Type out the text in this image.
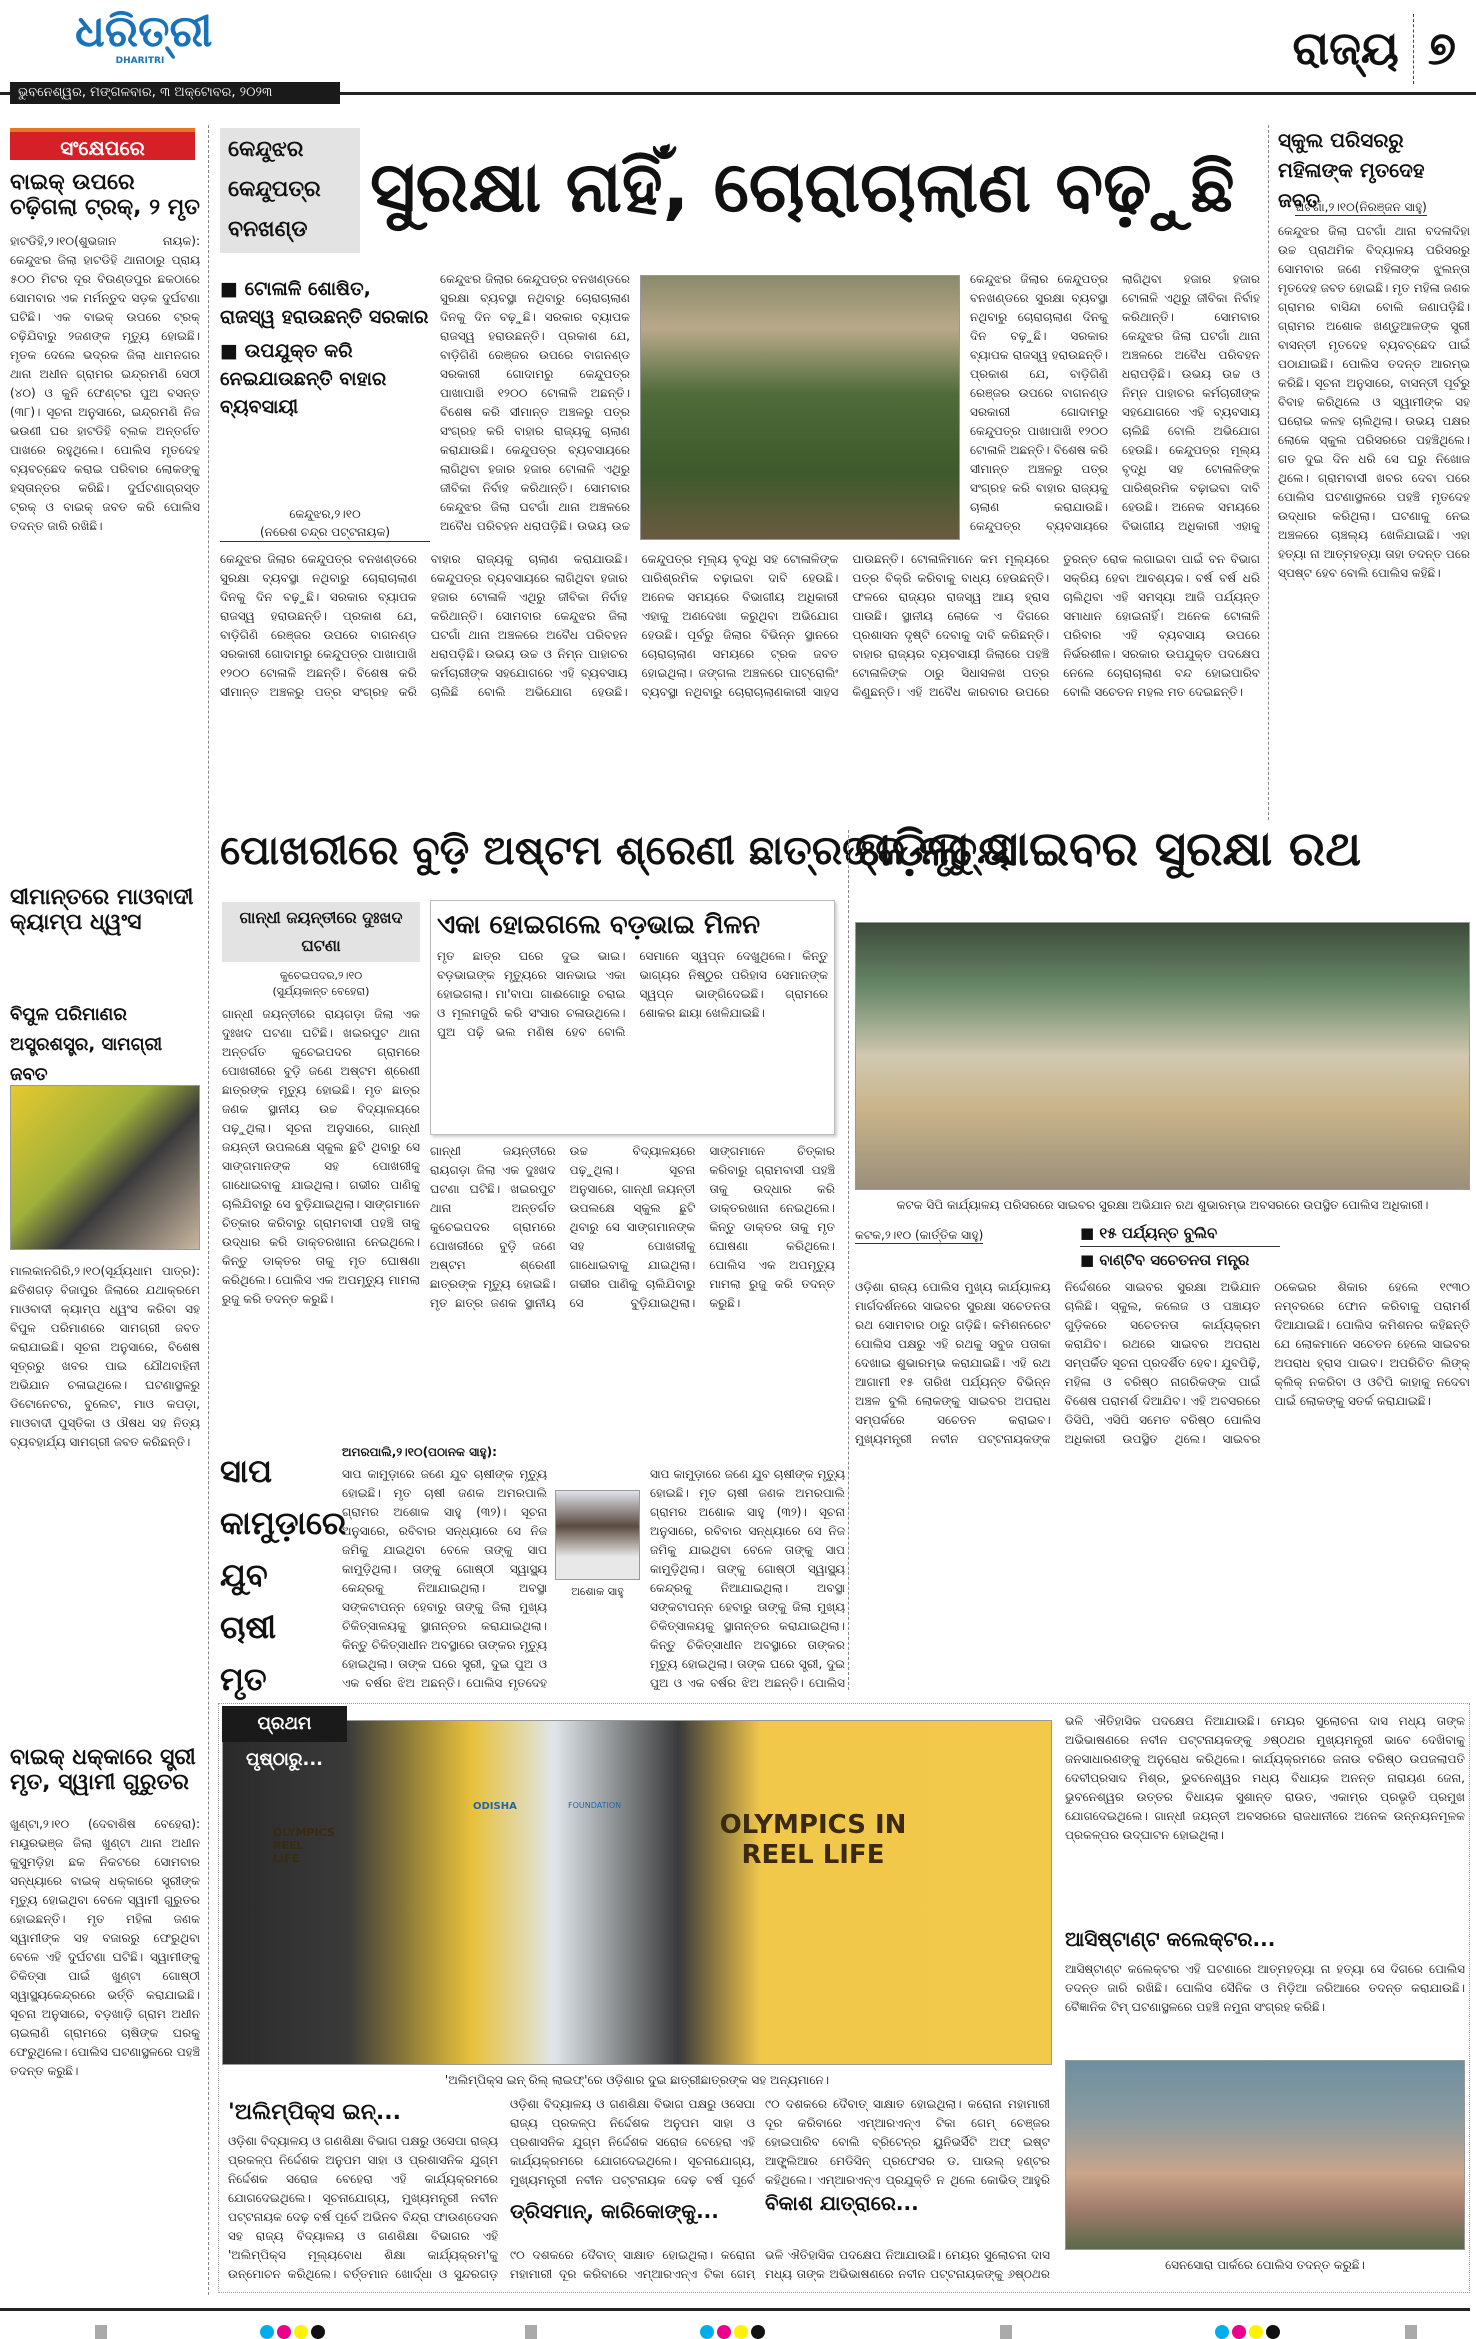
ଧରିତ୍ରୀ
DHARITRI
ଭୁବନେଶ୍ୱର, ମଙ୍ଗଳବାର, ୩ ଅକ୍ଟୋବର, ୨୦୨୩
ରାଜ୍ୟ ୭
ସଂକ୍ଷେପରେ
ବାଇକ୍ ଉପରେ ଚଢ଼ିଗଲା ଟ୍ରକ୍, ୨ ମୃତ
ହାଟଡିହି,୨।୧୦(ଶୁଭଜାନ ନାୟକ): କେନ୍ଦୁଝର ଜିଲା ହାଟଡିହି ଥାନାଠାରୁ ପ୍ରାୟ ୫୦୦ ମିଟର ଦୂର ବିଉଣ୍ଡପୁର ଛକଠାରେ ସୋମବାର ଏକ ମର୍ମନ୍ତୁଦ ସଡ଼କ ଦୁର୍ଘଟଣା ଘଟିଛି। ଏକ ବାଇକ୍ ଉପରେ ଟ୍ରକ୍ ଚଢ଼ିଯିବାରୁ ୨ଜଣଙ୍କ ମୃତ୍ୟୁ ହୋଇଛି। ମୃତକ ଦେଲେ ଭଦ୍ରକ ଜିଲା ଧାମନଗର ଥାନା ଅଧୀନ ଗ୍ରାମର ଇନ୍ଦ୍ରମଣି ସେଠୀ (୪୦) ଓ କୁନି ଫେଣ୍ଟର ପୁଅ ବସନ୍ତ (୩୮)। ସୂଚନା ଅନୁସାରେ, ଇନ୍ଦ୍ରମଣି ନିଜ ଭଉଣୀ ଘର ହାଟଡିହି ବ୍ଲକ ଅନ୍ତର୍ଗତ ପାଖରେ ରହୁଥିଲେ। ପୋଲିସ ମୃତଦେହ ବ୍ୟବଚ୍ଛେଦ କରାଇ ପରିବାର ଲୋକଙ୍କୁ ହସ୍ତାନ୍ତର କରିଛି। ଦୁର୍ଘଟଣାଗ୍ରସ୍ତ ଟ୍ରକ୍ ଓ ବାଇକ୍ ଜବତ କରି ପୋଲିସ ତଦନ୍ତ ଜାରି ରଖିଛି।
ସୀମାନ୍ତରେ ମାଓବାଦୀ କ୍ୟାମ୍ପ ଧ୍ୱଂସ
ବିପୁଳ ପରିମାଣର ଅସ୍ତ୍ରଶସ୍ତ୍ର, ସାମଗ୍ରୀ ଜବତ
ମାଲକାନଗିରି,୨।୧୦(ସୂର୍ଯ୍ୟଧାମ ପାତ୍ର): ଛତିଶଗଡ଼ ବିଜାପୁର ଜିଲାରେ ଯଥାକ୍ରମେ ମାଓବାଦୀ କ୍ୟାମ୍ପ ଧ୍ୱଂସ କରିବା ସହ ବିପୁଳ ପରିମାଣରେ ସାମଗ୍ରୀ ଜବତ କରାଯାଇଛି। ସୂଚନା ଅନୁସାରେ, ବିଶେଷ ସୂତ୍ରରୁ ଖବର ପାଇ ଯୌଥବାହିନୀ ଅଭିଯାନ ଚଳାଇଥିଲେ। ଘଟଣାସ୍ଥଳରୁ ଡିଟୋନେଟର, ବୁଲେଟ, ମାଓ କପଡ଼ା, ମାଓବାଦୀ ପୁସ୍ତିକା ଓ ଔଷଧ ସହ ନିତ୍ୟ ବ୍ୟବହାର୍ଯ୍ୟ ସାମଗ୍ରୀ ଜବତ କରିଛନ୍ତି।
ବାଇକ୍ ଧକ୍କାରେ ସ୍ତ୍ରୀ ମୃତ, ସ୍ୱାମୀ ଗୁରୁତର
ଖୁଣ୍ଟା,୨।୧୦ (ଦେବାଶିଷ ବେହେରା): ମୟୂରଭଞ୍ଜ ଜିଲା ଖୁଣ୍ଟା ଥାନା ଅଧୀନ କୁସୁମଡ଼ିହା ଛକ ନିକଟରେ ସୋମବାର ସନ୍ଧ୍ୟାରେ ବାଇକ୍ ଧକ୍କାରେ ସ୍ତ୍ରୀଙ୍କ ମୃତ୍ୟୁ ହୋଇଥିବା ବେଳେ ସ୍ୱାମୀ ଗୁରୁତର ହୋଇଛନ୍ତି। ମୃତ ମହିଳା ଜଣକ ସ୍ୱାମୀଙ୍କ ସହ ବଜାରରୁ ଫେରୁଥିବା ବେଳେ ଏହି ଦୁର୍ଘଟଣା ଘଟିଛି। ସ୍ୱାମୀଙ୍କୁ ଚିକିତ୍ସା ପାଇଁ ଖୁଣ୍ଟା ଗୋଷ୍ଠୀ ସ୍ୱାସ୍ଥ୍ୟକେନ୍ଦ୍ରରେ ଭର୍ତ୍ତି କରାଯାଇଛି। ସୂଚନା ଅନୁସାରେ, ବଡ଼ଖାଡ଼ି ଗ୍ରାମ ଅଧୀନ ଚାଇଲାଣି ଗ୍ରାମରେ ଚାଷିଙ୍କ ଘରକୁ ଫେରୁଥିଲେ। ପୋଲିସ ଘଟଣାସ୍ଥଳରେ ପହଞ୍ଚି ତଦନ୍ତ କରୁଛି।
କେନ୍ଦୁଝର
କେନ୍ଦୁପତ୍ର
ବନଖଣ୍ଡ
ସୁରକ୍ଷା ନାହିଁ, ଚୋରାଚାଲାଣ ବଢ଼ୁଛି
■ ଟୋଳାଳି ଶୋଷିତ, ରାଜସ୍ୱ ହରାଉଛନ୍ତି ସରକାର
■ ଉପଯୁକ୍ତ କରି ନେଇଯାଉଛନ୍ତି ବାହାର ବ୍ୟବସାୟୀ
କେନ୍ଦୁଝର,୨।୧୦
(ନରେଶ ଚନ୍ଦ୍ର ପଟ୍ଟନାୟକ)
କେନ୍ଦୁଝର ଜିଲାର କେନ୍ଦୁପତ୍ର ବନଖଣ୍ଡରେ ସୁରକ୍ଷା ବ୍ୟବସ୍ଥା ନଥିବାରୁ ଚୋରାଚାଲାଣ ଦିନକୁ ଦିନ ବଢ଼ୁଛି। ସରକାର ବ୍ୟାପକ ରାଜସ୍ୱ ହରାଉଛନ୍ତି। ପ୍ରକାଶ ଯେ, ବାଡ଼ିଗିଣି ରେଞ୍ଜର ଉପରେ ବାଗନଣ୍ଡ ସରକାରୀ ଗୋଦାମରୁ କେନ୍ଦୁପତ୍ର ପାଖାପାଖି ୧୨୦୦ ଟୋଳାଳି ଅଛନ୍ତି। ବିଶେଷ କରି ସୀମାନ୍ତ ଅଞ୍ଚଳରୁ ପତ୍ର ସଂଗ୍ରହ କରି ବାହାର ରାଜ୍ୟକୁ ଚାଲାଣ କରାଯାଉଛି। କେନ୍ଦୁପତ୍ର ବ୍ୟବସାୟରେ ଲାଗିଥିବା ହଜାର ହଜାର ଟୋଳାଳି ଏଥିରୁ ଜୀବିକା ନିର୍ବାହ କରିଥାନ୍ତି। ସୋମବାର କେନ୍ଦୁଝର ଜିଲା ଘଟଗାଁ ଥାନା ଅଞ୍ଚଳରେ ଅବୈଧ ପରିବହନ ଧରାପଡ଼ିଛି। ଉଭୟ ଉଚ୍ଚ
କେନ୍ଦୁଝର ଜିଲାର କେନ୍ଦୁପତ୍ର ବନଖଣ୍ଡରେ ସୁରକ୍ଷା ବ୍ୟବସ୍ଥା ନଥିବାରୁ ଚୋରାଚାଲାଣ ଦିନକୁ ଦିନ ବଢ଼ୁଛି। ସରକାର ବ୍ୟାପକ ରାଜସ୍ୱ ହରାଉଛନ୍ତି। ପ୍ରକାଶ ଯେ, ବାଡ଼ିଗିଣି ରେଞ୍ଜର ଉପରେ ବାଗନଣ୍ଡ ସରକାରୀ ଗୋଦାମରୁ କେନ୍ଦୁପତ୍ର ପାଖାପାଖି ୧୨୦୦ ଟୋଳାଳି ଅଛନ୍ତି। ବିଶେଷ କରି ସୀମାନ୍ତ ଅଞ୍ଚଳରୁ ପତ୍ର ସଂଗ୍ରହ କରି ବାହାର ରାଜ୍ୟକୁ ଚାଲାଣ କରାଯାଉଛି। କେନ୍ଦୁପତ୍ର ବ୍ୟବସାୟରେ ଲାଗିଥିବା ହଜାର ହଜାର ଟୋଳାଳି ଏଥିରୁ ଜୀବିକା ନିର୍ବାହ କରିଥାନ୍ତି। ସୋମବାର କେନ୍ଦୁଝର ଜିଲା ଘଟଗାଁ ଥାନା ଅଞ୍ଚଳରେ ଅବୈଧ ପରିବହନ ଧରାପଡ଼ିଛି। ଉଭୟ ଉଚ୍ଚ ଓ ନିମ୍ନ ପାହାଚର କର୍ମଚାରୀଙ୍କ ସହଯୋଗରେ ଏହି ବ୍ୟବସାୟ ଚାଲିଛି ବୋଲି ଅଭିଯୋଗ ହେଉଛି। କେନ୍ଦୁପତ୍ର ମୂଲ୍ୟ ବୃଦ୍ଧି ସହ ଟୋଳାଳିଙ୍କ ପାରିଶ୍ରମିକ ବଢ଼ାଇବା ଦାବି ହେଉଛି। ଅନେକ ସମୟରେ ବିଭାଗୀୟ ଅଧିକାରୀ ଏହାକୁ
କେନ୍ଦୁଝର ଜିଲାର କେନ୍ଦୁପତ୍ର ବନଖଣ୍ଡରେ ସୁରକ୍ଷା ବ୍ୟବସ୍ଥା ନଥିବାରୁ ଚୋରାଚାଲାଣ ଦିନକୁ ଦିନ ବଢ଼ୁଛି। ସରକାର ବ୍ୟାପକ ରାଜସ୍ୱ ହରାଉଛନ୍ତି। ପ୍ରକାଶ ଯେ, ବାଡ଼ିଗିଣି ରେଞ୍ଜର ଉପରେ ବାଗନଣ୍ଡ ସରକାରୀ ଗୋଦାମରୁ କେନ୍ଦୁପତ୍ର ପାଖାପାଖି ୧୨୦୦ ଟୋଳାଳି ଅଛନ୍ତି। ବିଶେଷ କରି ସୀମାନ୍ତ ଅଞ୍ଚଳରୁ ପତ୍ର ସଂଗ୍ରହ କରି ବାହାର ରାଜ୍ୟକୁ ଚାଲାଣ କରାଯାଉଛି। କେନ୍ଦୁପତ୍ର ବ୍ୟବସାୟରେ ଲାଗିଥିବା ହଜାର ହଜାର ଟୋଳାଳି ଏଥିରୁ ଜୀବିକା ନିର୍ବାହ କରିଥାନ୍ତି। ସୋମବାର କେନ୍ଦୁଝର ଜିଲା ଘଟଗାଁ ଥାନା ଅଞ୍ଚଳରେ ଅବୈଧ ପରିବହନ ଧରାପଡ଼ିଛି। ଉଭୟ ଉଚ୍ଚ ଓ ନିମ୍ନ ପାହାଚର କର୍ମଚାରୀଙ୍କ ସହଯୋଗରେ ଏହି ବ୍ୟବସାୟ ଚାଲିଛି ବୋଲି ଅଭିଯୋଗ ହେଉଛି। କେନ୍ଦୁପତ୍ର ମୂଲ୍ୟ ବୃଦ୍ଧି ସହ ଟୋଳାଳିଙ୍କ ପାରିଶ୍ରମିକ ବଢ଼ାଇବା ଦାବି ହେଉଛି। ଅନେକ ସମୟରେ ବିଭାଗୀୟ ଅଧିକାରୀ ଏହାକୁ ଅଣଦେଖା କରୁଥିବା ଅଭିଯୋଗ ହେଉଛି। ପୂର୍ବରୁ ଜିଲାର ବିଭିନ୍ନ ସ୍ଥାନରେ ଚୋରାଚାଲାଣ ସମୟରେ ଟ୍ରକ ଜବତ ହୋଇଥିଲା। ଜଙ୍ଗଲ ଅଞ୍ଚଳରେ ପାଟ୍ରୋଲିଂ ବ୍ୟବସ୍ଥା ନଥିବାରୁ ଚୋରାଚାଲାଣକାରୀ ସାହସ ପାଉଛନ୍ତି। ଟୋଳାଳିମାନେ କମ ମୂଲ୍ୟରେ ପତ୍ର ବିକ୍ରି କରିବାକୁ ବାଧ୍ୟ ହେଉଛନ୍ତି। ଫଳରେ ରାଜ୍ୟର ରାଜସ୍ୱ ଆୟ ହ୍ରାସ ପାଉଛି। ସ୍ଥାନୀୟ ଲୋକେ ଏ ଦିଗରେ ପ୍ରଶାସନ ଦୃଷ୍ଟି ଦେବାକୁ ଦାବି କରିଛନ୍ତି। ବାହାର ରାଜ୍ୟର ବ୍ୟବସାୟୀ ଜିଲାରେ ପହଞ୍ଚି ଟୋଳାଳିଙ୍କ ଠାରୁ ସିଧାସଳଖ ପତ୍ର କିଣୁଛନ୍ତି। ଏହି ଅବୈଧ କାରବାର ଉପରେ ତୁରନ୍ତ ରୋକ ଲଗାଇବା ପାଇଁ ବନ ବିଭାଗ ସକ୍ରିୟ ହେବା ଆବଶ୍ୟକ। ବର୍ଷ ବର୍ଷ ଧରି ଚାଲିଥିବା ଏହି ସମସ୍ୟା ଆଜି ପର୍ଯ୍ୟନ୍ତ ସମାଧାନ ହୋଇନାହିଁ। ଅନେକ ଟୋଳାଳି ପରିବାର ଏହି ବ୍ୟବସାୟ ଉପରେ ନିର୍ଭରଶୀଳ। ସରକାର ଉପଯୁକ୍ତ ପଦକ୍ଷେପ ନେଲେ ଚୋରାଚାଲାଣ ବନ୍ଦ ହୋଇପାରିବ ବୋଲି ସଚେତନ ମହଲ ମତ ଦେଇଛନ୍ତି।
ସ୍କୁଲ ପରିସରରୁ ମହିଳାଙ୍କ ମୃତଦେହ ଜବତ
ଘଟଗାଁ,୨।୧୦(ନିରଞ୍ଜନ ସାହୁ)
କେନ୍ଦୁଝର ଜିଲା ଘଟଗାଁ ଥାନା ବଦଳାଦିହା ଉଚ୍ଚ ପ୍ରାଥମିକ ବିଦ୍ୟାଳୟ ପରିସରରୁ ସୋମବାର ଜଣେ ମହିଳାଙ୍କ ଝୁଲନ୍ତା ମୃତଦେହ ଜବତ ହୋଇଛି। ମୃତ ମହିଳା ଜଣକ ଗ୍ରାମର ବାସିନ୍ଦା ବୋଲି ଜଣାପଡ଼ିଛି। ଗ୍ରାମର ଅଶୋକ ଖଣ୍ଡୁଆଳଙ୍କ ସ୍ତ୍ରୀ ବାସନ୍ତୀ ମୃତଦେହ ବ୍ୟବଚ୍ଛେଦ ପାଇଁ ପଠାଯାଇଛି। ପୋଲିସ ତଦନ୍ତ ଆରମ୍ଭ କରିଛି। ସୂଚନା ଅନୁସାରେ, ବାସନ୍ତୀ ପୂର୍ବରୁ ବିବାହ କରିଥିଲେ ଓ ସ୍ୱାମୀଙ୍କ ସହ ଘରୋଇ କଳହ ଚାଲିଥିଲା। ଉଭୟ ପକ୍ଷର ଲୋକେ ସ୍କୁଲ ପରିସରରେ ପହଞ୍ଚିଥିଲେ। ଗତ ଦୁଇ ଦିନ ଧରି ସେ ଘରୁ ନିଖୋଜ ଥିଲେ। ଗ୍ରାମବାସୀ ଖବର ଦେବା ପରେ ପୋଲିସ ଘଟଣାସ୍ଥଳରେ ପହଞ୍ଚି ମୃତଦେହ ଉଦ୍ଧାର କରିଥିଲା। ଘଟଣାକୁ ନେଇ ଅଞ୍ଚଳରେ ଚାଞ୍ଚଲ୍ୟ ଖେଳିଯାଇଛି। ଏହା ହତ୍ୟା ନା ଆତ୍ମହତ୍ୟା ତାହା ତଦନ୍ତ ପରେ ସ୍ପଷ୍ଟ ହେବ ବୋଲି ପୋଲିସ କହିଛି।
ପୋଖରୀରେ ବୁଡ଼ି ଅଷ୍ଟମ ଶ୍ରେଣୀ ଛାତ୍ରଙ୍କ ମୃତ୍ୟୁ
ଗାନ୍ଧୀ ଜୟନ୍ତୀରେ ଦୁଃଖଦ ଘଟଣା
କୁଚେଇପଦର,୨।୧୦
(ସୁର୍ଯ୍ୟକାନ୍ତ ବେହେରା)
ଗାନ୍ଧୀ ଜୟନ୍ତୀରେ ରାୟଗଡ଼ା ଜିଲା ଏକ ଦୁଃଖଦ ଘଟଣା ଘଟିଛି। ଖଇରପୁଟ ଥାନା ଅନ୍ତର୍ଗତ କୁଚେଇପଦର ଗ୍ରାମରେ ପୋଖରୀରେ ବୁଡ଼ି ଜଣେ ଅଷ୍ଟମ ଶ୍ରେଣୀ ଛାତ୍ରଙ୍କ ମୃତ୍ୟୁ ହୋଇଛି। ମୃତ ଛାତ୍ର ଜଣକ ସ୍ଥାନୀୟ ଉଚ୍ଚ ବିଦ୍ୟାଳୟରେ ପଢ଼ୁଥିଲା। ସୂଚନା ଅନୁସାରେ, ଗାନ୍ଧୀ ଜୟନ୍ତୀ ଉପଲକ୍ଷେ ସ୍କୁଲ ଛୁଟି ଥିବାରୁ ସେ ସାଙ୍ଗମାନଙ୍କ ସହ ପୋଖରୀକୁ ଗାଧୋଇବାକୁ ଯାଇଥିଲା। ଗଭୀର ପାଣିକୁ ଚାଲିଯିବାରୁ ସେ ବୁଡ଼ିଯାଇଥିଲା। ସାଙ୍ଗମାନେ ଚିତ୍କାର କରିବାରୁ ଗ୍ରାମବାସୀ ପହଞ୍ଚି ତାକୁ ଉଦ୍ଧାର କରି ଡାକ୍ତରଖାନା ନେଇଥିଲେ। କିନ୍ତୁ ଡାକ୍ତର ତାକୁ ମୃତ ଘୋଷଣା କରିଥିଲେ। ପୋଲିସ ଏକ ଅପମୃତ୍ୟୁ ମାମଲା ରୁଜୁ କରି ତଦନ୍ତ କରୁଛି।
ଏକା ହୋଇଗଲେ ବଡ଼ଭାଇ ମିଳନ
ମୃତ ଛାତ୍ର ଘରେ ଦୁଇ ଭାଇ। ବଡ଼ଭାଇଙ୍କ ମୃତ୍ୟୁରେ ସାନଭାଇ ଏକା ହୋଇଗଲା। ମା'ବାପା ଗାଈଗୋରୁ ଚରାଇ ଓ ମୂଲମଜୁରି କରି ସଂସାର ଚଳାଉଥିଲେ। ପୁଅ ପଢ଼ି ଭଲ ମଣିଷ ହେବ ବୋଲି ସେମାନେ ସ୍ୱପ୍ନ ଦେଖୁଥିଲେ। କିନ୍ତୁ ଭାଗ୍ୟର ନିଷ୍ଠୁର ପରିହାସ ସେମାନଙ୍କ ସ୍ୱପ୍ନ ଭାଙ୍ଗିଦେଇଛି। ଗ୍ରାମରେ ଶୋକର ଛାୟା ଖେଳିଯାଇଛି।
ଗାନ୍ଧୀ ଜୟନ୍ତୀରେ ରାୟଗଡ଼ା ଜିଲା ଏକ ଦୁଃଖଦ ଘଟଣା ଘଟିଛି। ଖଇରପୁଟ ଥାନା ଅନ୍ତର୍ଗତ କୁଚେଇପଦର ଗ୍ରାମରେ ପୋଖରୀରେ ବୁଡ଼ି ଜଣେ ଅଷ୍ଟମ ଶ୍ରେଣୀ ଛାତ୍ରଙ୍କ ମୃତ୍ୟୁ ହୋଇଛି। ମୃତ ଛାତ୍ର ଜଣକ ସ୍ଥାନୀୟ ଉଚ୍ଚ ବିଦ୍ୟାଳୟରେ ପଢ଼ୁଥିଲା। ସୂଚନା ଅନୁସାରେ, ଗାନ୍ଧୀ ଜୟନ୍ତୀ ଉପଲକ୍ଷେ ସ୍କୁଲ ଛୁଟି ଥିବାରୁ ସେ ସାଙ୍ଗମାନଙ୍କ ସହ ପୋଖରୀକୁ ଗାଧୋଇବାକୁ ଯାଇଥିଲା। ଗଭୀର ପାଣିକୁ ଚାଲିଯିବାରୁ ସେ ବୁଡ଼ିଯାଇଥିଲା। ସାଙ୍ଗମାନେ ଚିତ୍କାର କରିବାରୁ ଗ୍ରାମବାସୀ ପହଞ୍ଚି ତାକୁ ଉଦ୍ଧାର କରି ଡାକ୍ତରଖାନା ନେଇଥିଲେ। କିନ୍ତୁ ଡାକ୍ତର ତାକୁ ମୃତ ଘୋଷଣା କରିଥିଲେ। ପୋଲିସ ଏକ ଅପମୃତ୍ୟୁ ମାମଲା ରୁଜୁ କରି ତଦନ୍ତ କରୁଛି।
ଗଡ଼ିଲା ସାଇବର ସୁରକ୍ଷା ରଥ
କଟକ ସିପି କାର୍ଯ୍ୟାଳୟ ପରିସରରେ ସାଇବର ସୁରକ୍ଷା ଅଭିଯାନ ରଥ ଶୁଭାରମ୍ଭ ଅବସରରେ ଉପସ୍ଥିତ ପୋଲିସ ଅଧିକାରୀ।
କଟକ,୨।୧୦ (କାର୍ତ୍ତିକ ସାହୁ)	■ ୧୫ ପର୍ଯ୍ୟନ୍ତ ବୁଲିବ
■ ବାଣ୍ଟିବ ସଚେତନତା ମନ୍ତ୍ର
ଓଡ଼ିଶା ରାଜ୍ୟ ପୋଲିସ ମୁଖ୍ୟ କାର୍ଯ୍ୟାଳୟ ମାର୍ଗଦର୍ଶନରେ ସାଇବର ସୁରକ୍ଷା ସଚେତନତା ରଥ ସୋମବାର ଠାରୁ ଗଡ଼ିଛି। କମିଶନରେଟ ପୋଲିସ ପକ୍ଷରୁ ଏହି ରଥକୁ ସବୁଜ ପତାକା ଦେଖାଇ ଶୁଭାରମ୍ଭ କରାଯାଇଛି। ଏହି ରଥ ଆଗାମୀ ୧୫ ତାରିଖ ପର୍ଯ୍ୟନ୍ତ ବିଭିନ୍ନ ଅଞ୍ଚଳ ବୁଲି ଲୋକଙ୍କୁ ସାଇବର ଅପରାଧ ସମ୍ପର୍କରେ ସଚେତନ କରାଇବ। ମୁଖ୍ୟମନ୍ତ୍ରୀ ନବୀନ ପଟ୍ଟନାୟକଙ୍କ ନିର୍ଦ୍ଦେଶରେ ସାଇବର ସୁରକ୍ଷା ଅଭିଯାନ ଚାଲିଛି। ସ୍କୁଲ, କଲେଜ ଓ ପଞ୍ଚାୟତ ଗୁଡ଼ିକରେ ସଚେତନତା କାର୍ଯ୍ୟକ୍ରମ କରାଯିବ। ରଥରେ ସାଇବର ଅପରାଧ ସମ୍ପର୍କିତ ସୂଚନା ପ୍ରଦର୍ଶିତ ହେବ। ଯୁବପିଢ଼ି, ମହିଳା ଓ ବରିଷ୍ଠ ନାଗରିକଙ୍କ ପାଇଁ ବିଶେଷ ପରାମର୍ଶ ଦିଆଯିବ। ଏହି ଅବସରରେ ଡିସିପି, ଏସିପି ସମେତ ବରିଷ୍ଠ ପୋଲିସ ଅଧିକାରୀ ଉପସ୍ଥିତ ଥିଲେ। ସାଇବର ଠକେଇର ଶିକାର ହେଲେ ୧୯୩୦ ନମ୍ବରରେ ଫୋନ କରିବାକୁ ପରାମର୍ଶ ଦିଆଯାଇଛି। ପୋଲିସ କମିଶନର କହିଛନ୍ତି ଯେ ଲୋକମାନେ ସଚେତନ ହେଲେ ସାଇବର ଅପରାଧ ହ୍ରାସ ପାଇବ। ଅପରିଚିତ ଲିଙ୍କ୍ କ୍ଲିକ୍ ନକରିବା ଓ ଓଟିପି କାହାକୁ ନଦେବା ପାଇଁ ଲୋକଙ୍କୁ ସତର୍କ କରାଯାଇଛି।
ସାପ କାମୁଡ଼ାରେ ଯୁବ ଚାଷୀ ମୃତ
ଅମରପାଲି,୨।୧୦(ପଠାନକ ସାହୁ):
ସାପ କାମୁଡ଼ାରେ ଜଣେ ଯୁବ ଚାଷୀଙ୍କ ମୃତ୍ୟୁ ହୋଇଛି। ମୃତ ଚାଷୀ ଜଣକ ଅମରପାଲି ଗ୍ରାମର ଅଶୋକ ସାହୁ (୩୨)। ସୂଚନା ଅନୁସାରେ, ରବିବାର ସନ୍ଧ୍ୟାରେ ସେ ନିଜ ଜମିକୁ ଯାଇଥିବା ବେଳେ ତାଙ୍କୁ ସାପ କାମୁଡ଼ିଥିଲା। ତାଙ୍କୁ ଗୋଷ୍ଠୀ ସ୍ୱାସ୍ଥ୍ୟ କେନ୍ଦ୍ରକୁ ନିଆଯାଇଥିଲା। ଅବସ୍ଥା ସଙ୍କଟାପନ୍ନ ହେବାରୁ ତାଙ୍କୁ ଜିଲା ମୁଖ୍ୟ ଚିକିତ୍ସାଳୟକୁ ସ୍ଥାନାନ୍ତର କରାଯାଇଥିଲା। କିନ୍ତୁ ଚିକିତ୍ସାଧୀନ ଅବସ୍ଥାରେ ତାଙ୍କର ମୃତ୍ୟୁ ହୋଇଥିଲା। ତାଙ୍କ ଘରେ ସ୍ତ୍ରୀ, ଦୁଇ ପୁଅ ଓ ଏକ ବର୍ଷର ଝିଅ ଅଛନ୍ତି। ପୋଲିସ ମୃତଦେହ
ଅଶୋକ ସାହୁ
ସାପ କାମୁଡ଼ାରେ ଜଣେ ଯୁବ ଚାଷୀଙ୍କ ମୃତ୍ୟୁ ହୋଇଛି। ମୃତ ଚାଷୀ ଜଣକ ଅମରପାଲି ଗ୍ରାମର ଅଶୋକ ସାହୁ (୩୨)। ସୂଚନା ଅନୁସାରେ, ରବିବାର ସନ୍ଧ୍ୟାରେ ସେ ନିଜ ଜମିକୁ ଯାଇଥିବା ବେଳେ ତାଙ୍କୁ ସାପ କାମୁଡ଼ିଥିଲା। ତାଙ୍କୁ ଗୋଷ୍ଠୀ ସ୍ୱାସ୍ଥ୍ୟ କେନ୍ଦ୍ରକୁ ନିଆଯାଇଥିଲା। ଅବସ୍ଥା ସଙ୍କଟାପନ୍ନ ହେବାରୁ ତାଙ୍କୁ ଜିଲା ମୁଖ୍ୟ ଚିକିତ୍ସାଳୟକୁ ସ୍ଥାନାନ୍ତର କରାଯାଇଥିଲା। କିନ୍ତୁ ଚିକିତ୍ସାଧୀନ ଅବସ୍ଥାରେ ତାଙ୍କର ମୃତ୍ୟୁ ହୋଇଥିଲା। ତାଙ୍କ ଘରେ ସ୍ତ୍ରୀ, ଦୁଇ ପୁଅ ଓ ଏକ ବର୍ଷର ଝିଅ ଅଛନ୍ତି। ପୋଲିସ
ପ୍ରଥମ ପୃଷ୍ଠାରୁ...
OLYMPICS IN REEL LIFE
ODISHA	FOUNDATION
OLYMPICS REEL LIFE
'ଅଲିମ୍ପିକ୍ସ ଇନ୍ ରିଲ୍ ଲାଇଫ୍'ରେ ଓଡ଼ିଶାର ଦୁଇ ଛାତ୍ରୀଛାତ୍ରଙ୍କ ସହ ଅନ୍ୟମାନେ।
'ଅଲିମ୍ପିକ୍ସ ଇନ୍...
ଓଡ଼ିଶା ବିଦ୍ୟାଳୟ ଓ ଗଣଶିକ୍ଷା ବିଭାଗ ପକ୍ଷରୁ ଓସେପା ରାଜ୍ୟ ପ୍ରକଳ୍ପ ନିର୍ଦ୍ଦେଶକ ଅନୁପମ ସାହା ଓ ପ୍ରଶାସନିକ ଯୁଗ୍ମ ନିର୍ଦ୍ଦେଶକ ସରୋଜ ବେହେରା ଏହି କାର୍ଯ୍ୟକ୍ରମରେ ଯୋଗଦେଇଥିଲେ। ସୂଚନାଯୋଗ୍ୟ, ମୁଖ୍ୟମନ୍ତ୍ରୀ ନବୀନ ପଟ୍ଟନାୟକ ଦେଢ଼ ବର୍ଷ ପୂର୍ବେ ଅଭିନବ ବିନ୍ଦ୍ରା ଫାଉଣ୍ଡେସନ ସହ ରାଜ୍ୟ ବିଦ୍ୟାଳୟ ଓ ଗଣଶିକ୍ଷା ବିଭାଗର ଏହି 'ଅଲିମ୍ପିକ୍ସ ମୂଲ୍ୟବୋଧ ଶିକ୍ଷା କାର୍ଯ୍ୟକ୍ରମ'କୁ ଉନ୍ମୋଚନ କରିଥିଲେ। ବର୍ତ୍ତମାନ ଖୋର୍ଦ୍ଧା ଓ ସୁନ୍ଦରଗଡ଼
ଓଡ଼ିଶା ବିଦ୍ୟାଳୟ ଓ ଗଣଶିକ୍ଷା ବିଭାଗ ପକ୍ଷରୁ ଓସେପା ରାଜ୍ୟ ପ୍ରକଳ୍ପ ନିର୍ଦ୍ଦେଶକ ଅନୁପମ ସାହା ଓ ପ୍ରଶାସନିକ ଯୁଗ୍ମ ନିର୍ଦ୍ଦେଶକ ସରୋଜ ବେହେରା ଏହି କାର୍ଯ୍ୟକ୍ରମରେ ଯୋଗଦେଇଥିଲେ। ସୂଚନାଯୋଗ୍ୟ, ମୁଖ୍ୟମନ୍ତ୍ରୀ ନବୀନ ପଟ୍ଟନାୟକ ଦେଢ଼ ବର୍ଷ ପୂର୍ବେ
ଡ୍ରିସମାନ୍, କାରିକୋଙ୍କୁ...
୯୦ ଦଶକରେ ଦୈବାତ୍ ସାକ୍ଷାତ ହୋଇଥିଲା। କରୋନା ମହାମାରୀ ଦୂର କରିବାରେ ଏମ୍ଆରଏନ୍ଏ ଟିକା ଗେମ୍
୯୦ ଦଶକରେ ଦୈବାତ୍ ସାକ୍ଷାତ ହୋଇଥିଲା। କରୋନା ମହାମାରୀ ଦୂର କରିବାରେ ଏମ୍ଆରଏନ୍ଏ ଟିକା ଗେମ୍ ଚେଞ୍ଜର ହୋଇପାରିବ ବୋଲି ବ୍ରିଟେନ୍‌ର ୟୁନିଭର୍ସିଟି ଅଫ୍ ଇଷ୍ଟ ଆଙ୍ଗ୍ଲିଆର ମେଡିସିନ୍ ପ୍ରଫେସର ଡ. ପାଉଲ୍ ହଣ୍ଟର କହିଥିଲେ। ଏମ୍ଆରଏନ୍ଏ ପ୍ରଯୁକ୍ତି ନ ଥିଲେ କୋଭିଡ୍ ଆହୁରି
ବିକାଶ ଯାତ୍ରାରେ...
ଭଳି ଐତିହାସିକ ପଦକ୍ଷେପ ନିଆଯାଉଛି। ମେୟର ସୁଲୋଚନା ଦାସ ମଧ୍ୟ ତାଙ୍କ ଅଭିଭାଷଣରେ ନବୀନ ପଟ୍ଟନାୟକଙ୍କୁ ୬ଷ୍ଠଥର
ଭଳି ଐତିହାସିକ ପଦକ୍ଷେପ ନିଆଯାଉଛି। ମେୟର ସୁଲୋଚନା ଦାସ ମଧ୍ୟ ତାଙ୍କ ଅଭିଭାଷଣରେ ନବୀନ ପଟ୍ଟନାୟକଙ୍କୁ ୬ଷ୍ଠଥର ମୁଖ୍ୟମନ୍ତ୍ରୀ ଭାବେ ଦେଖିବାକୁ ଜନସାଧାରଣଙ୍କୁ ଅନୁରୋଧ କରିଥିଲେ। କାର୍ଯ୍ୟକ୍ରମରେ ଜନାଉ ବରିଷ୍ଠ ଉପଜଲାପତି ଦେବୀପ୍ରସାଦ ମିଶ୍ର, ଭୁବନେଶ୍ୱର ମଧ୍ୟ ବିଧାୟକ ଅନନ୍ତ ନାରାୟଣ ଜେନା, ଭୁବନେଶ୍ୱର ଉତ୍ତର ବିଧାୟକ ସୁଶାନ୍ତ ରାଉତ, ଏକାମ୍ର ପ୍ରଭୃତି ପ୍ରମୁଖ ଯୋଗଦେଇଥିଲେ। ଗାନ୍ଧୀ ଜୟନ୍ତୀ ଅବସରରେ ରାଜଧାନୀରେ ଅନେକ ଉନ୍ନୟନମୂଳକ ପ୍ରକଳ୍ପର ଉଦ୍‌ଘାଟନ ହୋଇଥିଲା।
ଆସିଷ୍ଟାଣ୍ଟ କଲେକ୍ଟର...
ଆସିଷ୍ଟାଣ୍ଟ କଲେକ୍ଟର ଏହି ଘଟଣାରେ ଆତ୍ମହତ୍ୟା ନା ହତ୍ୟା ସେ ଦିଗରେ ପୋଲିସ ତଦନ୍ତ ଜାରି ରଖିଛି। ପୋଲିସ ସୈନିକ ଓ ମିଡ଼ିଆ ଜରିଆରେ ତଦନ୍ତ କରାଯାଉଛି। ବୈଜ୍ଞାନିକ ଟିମ୍ ଘଟଣାସ୍ଥଳରେ ପହଞ୍ଚି ନମୁନା ସଂଗ୍ରହ କରିଛି।
ସେନସୋରା ପାର୍କରେ ପୋଲିସ ତଦନ୍ତ କରୁଛି।
